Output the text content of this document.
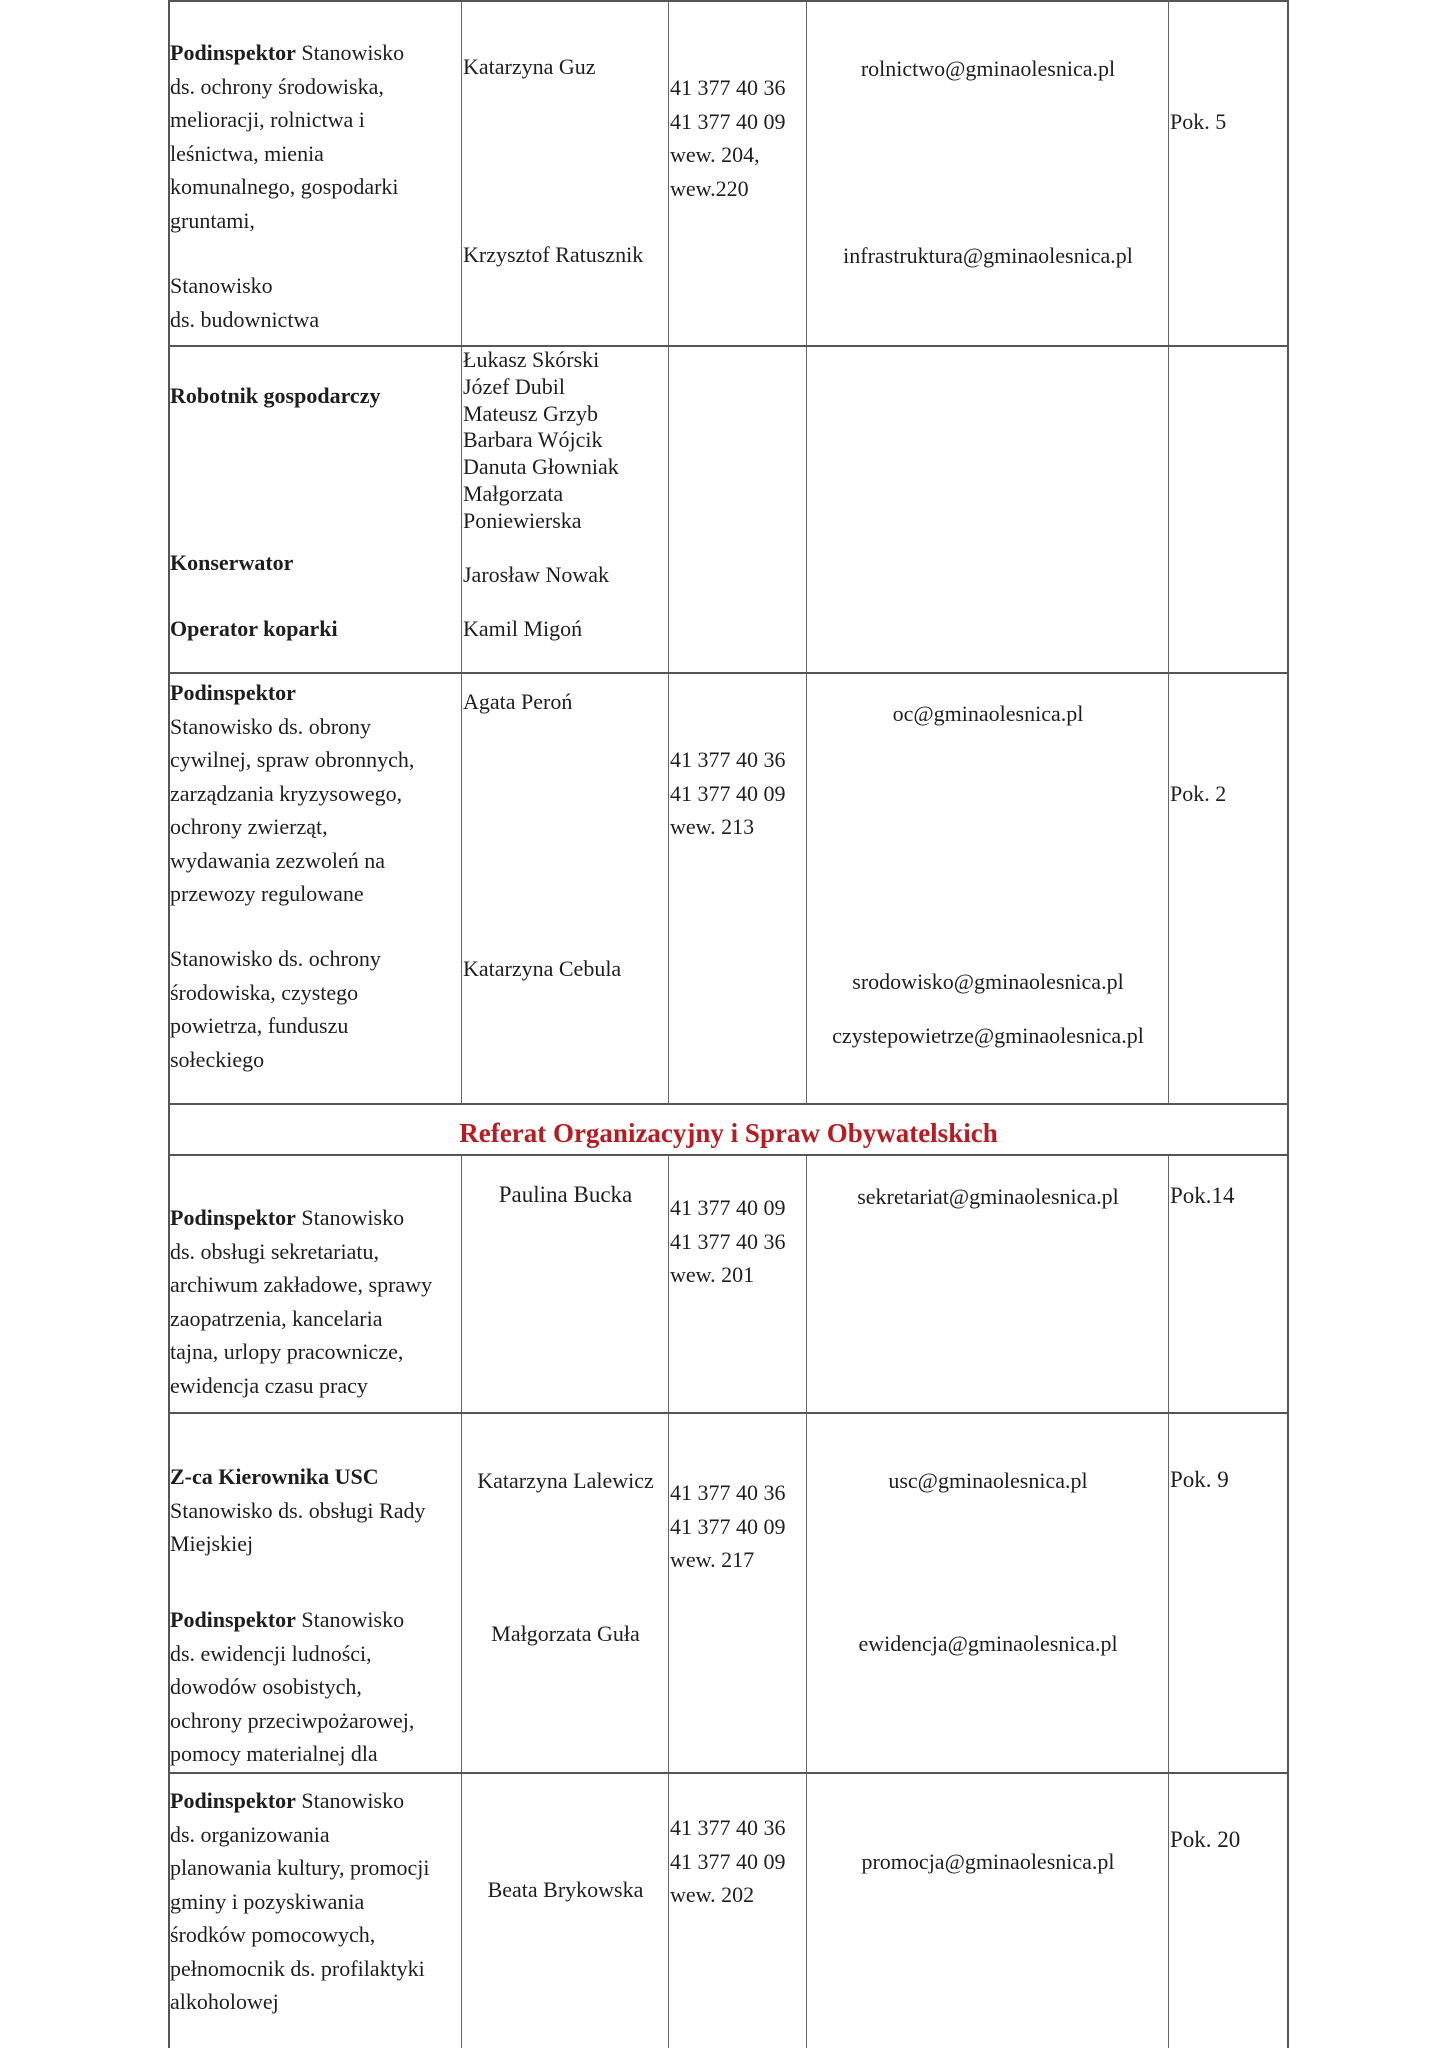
Podinspektor Stanowisko
ds. ochrony środowiska,
melioracji, rolnictwa i
leśnictwa, mienia
komunalnego, gospodarki
gruntami,
Stanowisko
ds. budownictwa
Katarzyna Guz
Krzysztof Ratusznik
41 377 40 36
41 377 40 09
wew. 204,
wew.220
rolnictwo@gminaolesnica.pl
infrastruktura@gminaolesnica.pl
Pok. 5
Robotnik gospodarczy
Konserwator
Operator koparki
Łukasz Skórski
Józef Dubil
Mateusz Grzyb
Barbara Wójcik
Danuta Głowniak
Małgorzata
Poniewierska
Jarosław Nowak
Kamil Migoń
Podinspektor
Stanowisko ds. obrony
cywilnej, spraw obronnych,
zarządzania kryzysowego,
ochrony zwierząt,
wydawania zezwoleń na
przewozy regulowane
Stanowisko ds. ochrony
środowiska, czystego
powietrza, funduszu
sołeckiego
Agata Peroń
Katarzyna Cebula
41 377 40 36
41 377 40 09
wew. 213
oc@gminaolesnica.pl
srodowisko@gminaolesnica.pl
czystepowietrze@gminaolesnica.pl
Pok. 2
Referat Organizacyjny i Spraw Obywatelskich
Podinspektor Stanowisko
ds. obsługi sekretariatu,
archiwum zakładowe, sprawy
zaopatrzenia, kancelaria
tajna, urlopy pracownicze,
ewidencja czasu pracy
Paulina Bucka
41 377 40 09
41 377 40 36
wew. 201
sekretariat@gminaolesnica.pl	Pok.14
Z-ca Kierownika USC
Stanowisko ds. obsługi Rady
Miejskiej
Podinspektor Stanowisko
ds. ewidencji ludności,
dowodów osobistych,
ochrony przeciwpożarowej,
pomocy materialnej dla
Katarzyna Lalewicz
Małgorzata Guła
41 377 40 36
41 377 40 09
wew. 217
usc@gminaolesnica.pl
ewidencja@gminaolesnica.pl
Pok. 9
Podinspektor Stanowisko
ds. organizowania
planowania kultury, promocji
gminy i pozyskiwania
środków pomocowych,
pełnomocnik ds. profilaktyki
alkoholowej
Beata Brykowska
41 377 40 36
41 377 40 09
wew. 202
promocja@gminaolesnica.pl
Pok. 20
